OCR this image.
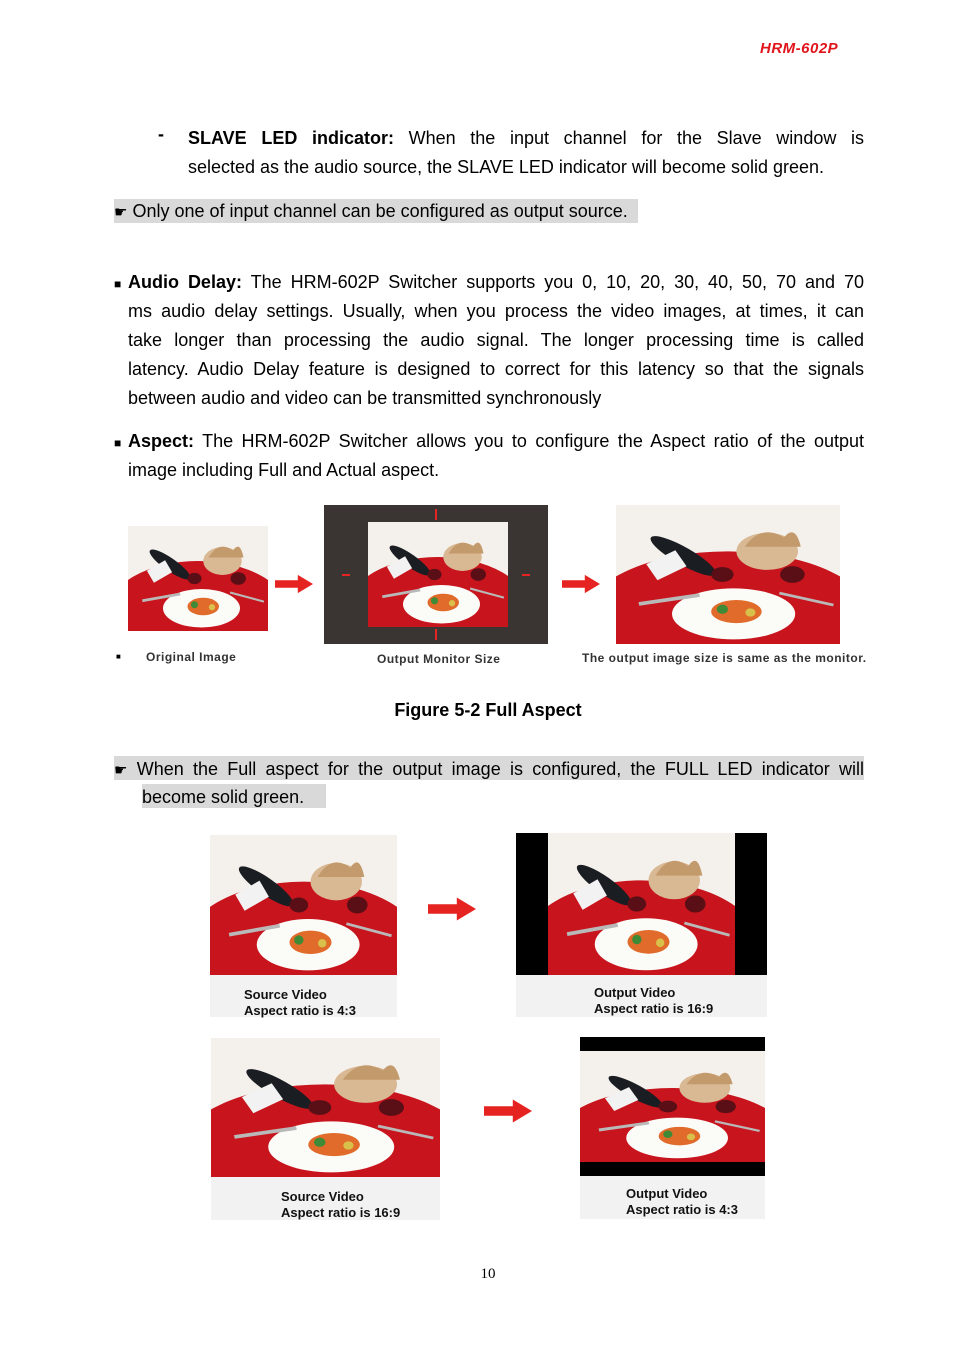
HRM-602P
- SLAVE LED indicator: When the input channel for the Slave window is
selected as the audio source, the SLAVE LED indicator will become solid green.
☛ Only one of input channel can be configured as output source.
■ Audio Delay: The HRM-602P Switcher supports you 0, 10, 20, 30, 40, 50, 70 and 70
ms audio delay settings. Usually, when you process the video images, at times, it can
take longer than processing the audio signal. The longer processing time is called
latency. Audio Delay feature is designed to correct for this latency so that the signals
between audio and video can be transmitted synchronously
■ Aspect: The HRM-602P Switcher allows you to configure the Aspect ratio of the output
image including Full and Actual aspect.
■ Original Image	Output Monitor Size	The output image size is same as the monitor.
Figure 5-2 Full Aspect
☛ When the Full aspect for the output image is configured, the FULL LED indicator will
become solid green.
Source Video
Aspect ratio is 4:3
Output Video
Aspect ratio is 16:9
Source Video
Aspect ratio is 16:9
Output Video
Aspect ratio is 4:3
10
